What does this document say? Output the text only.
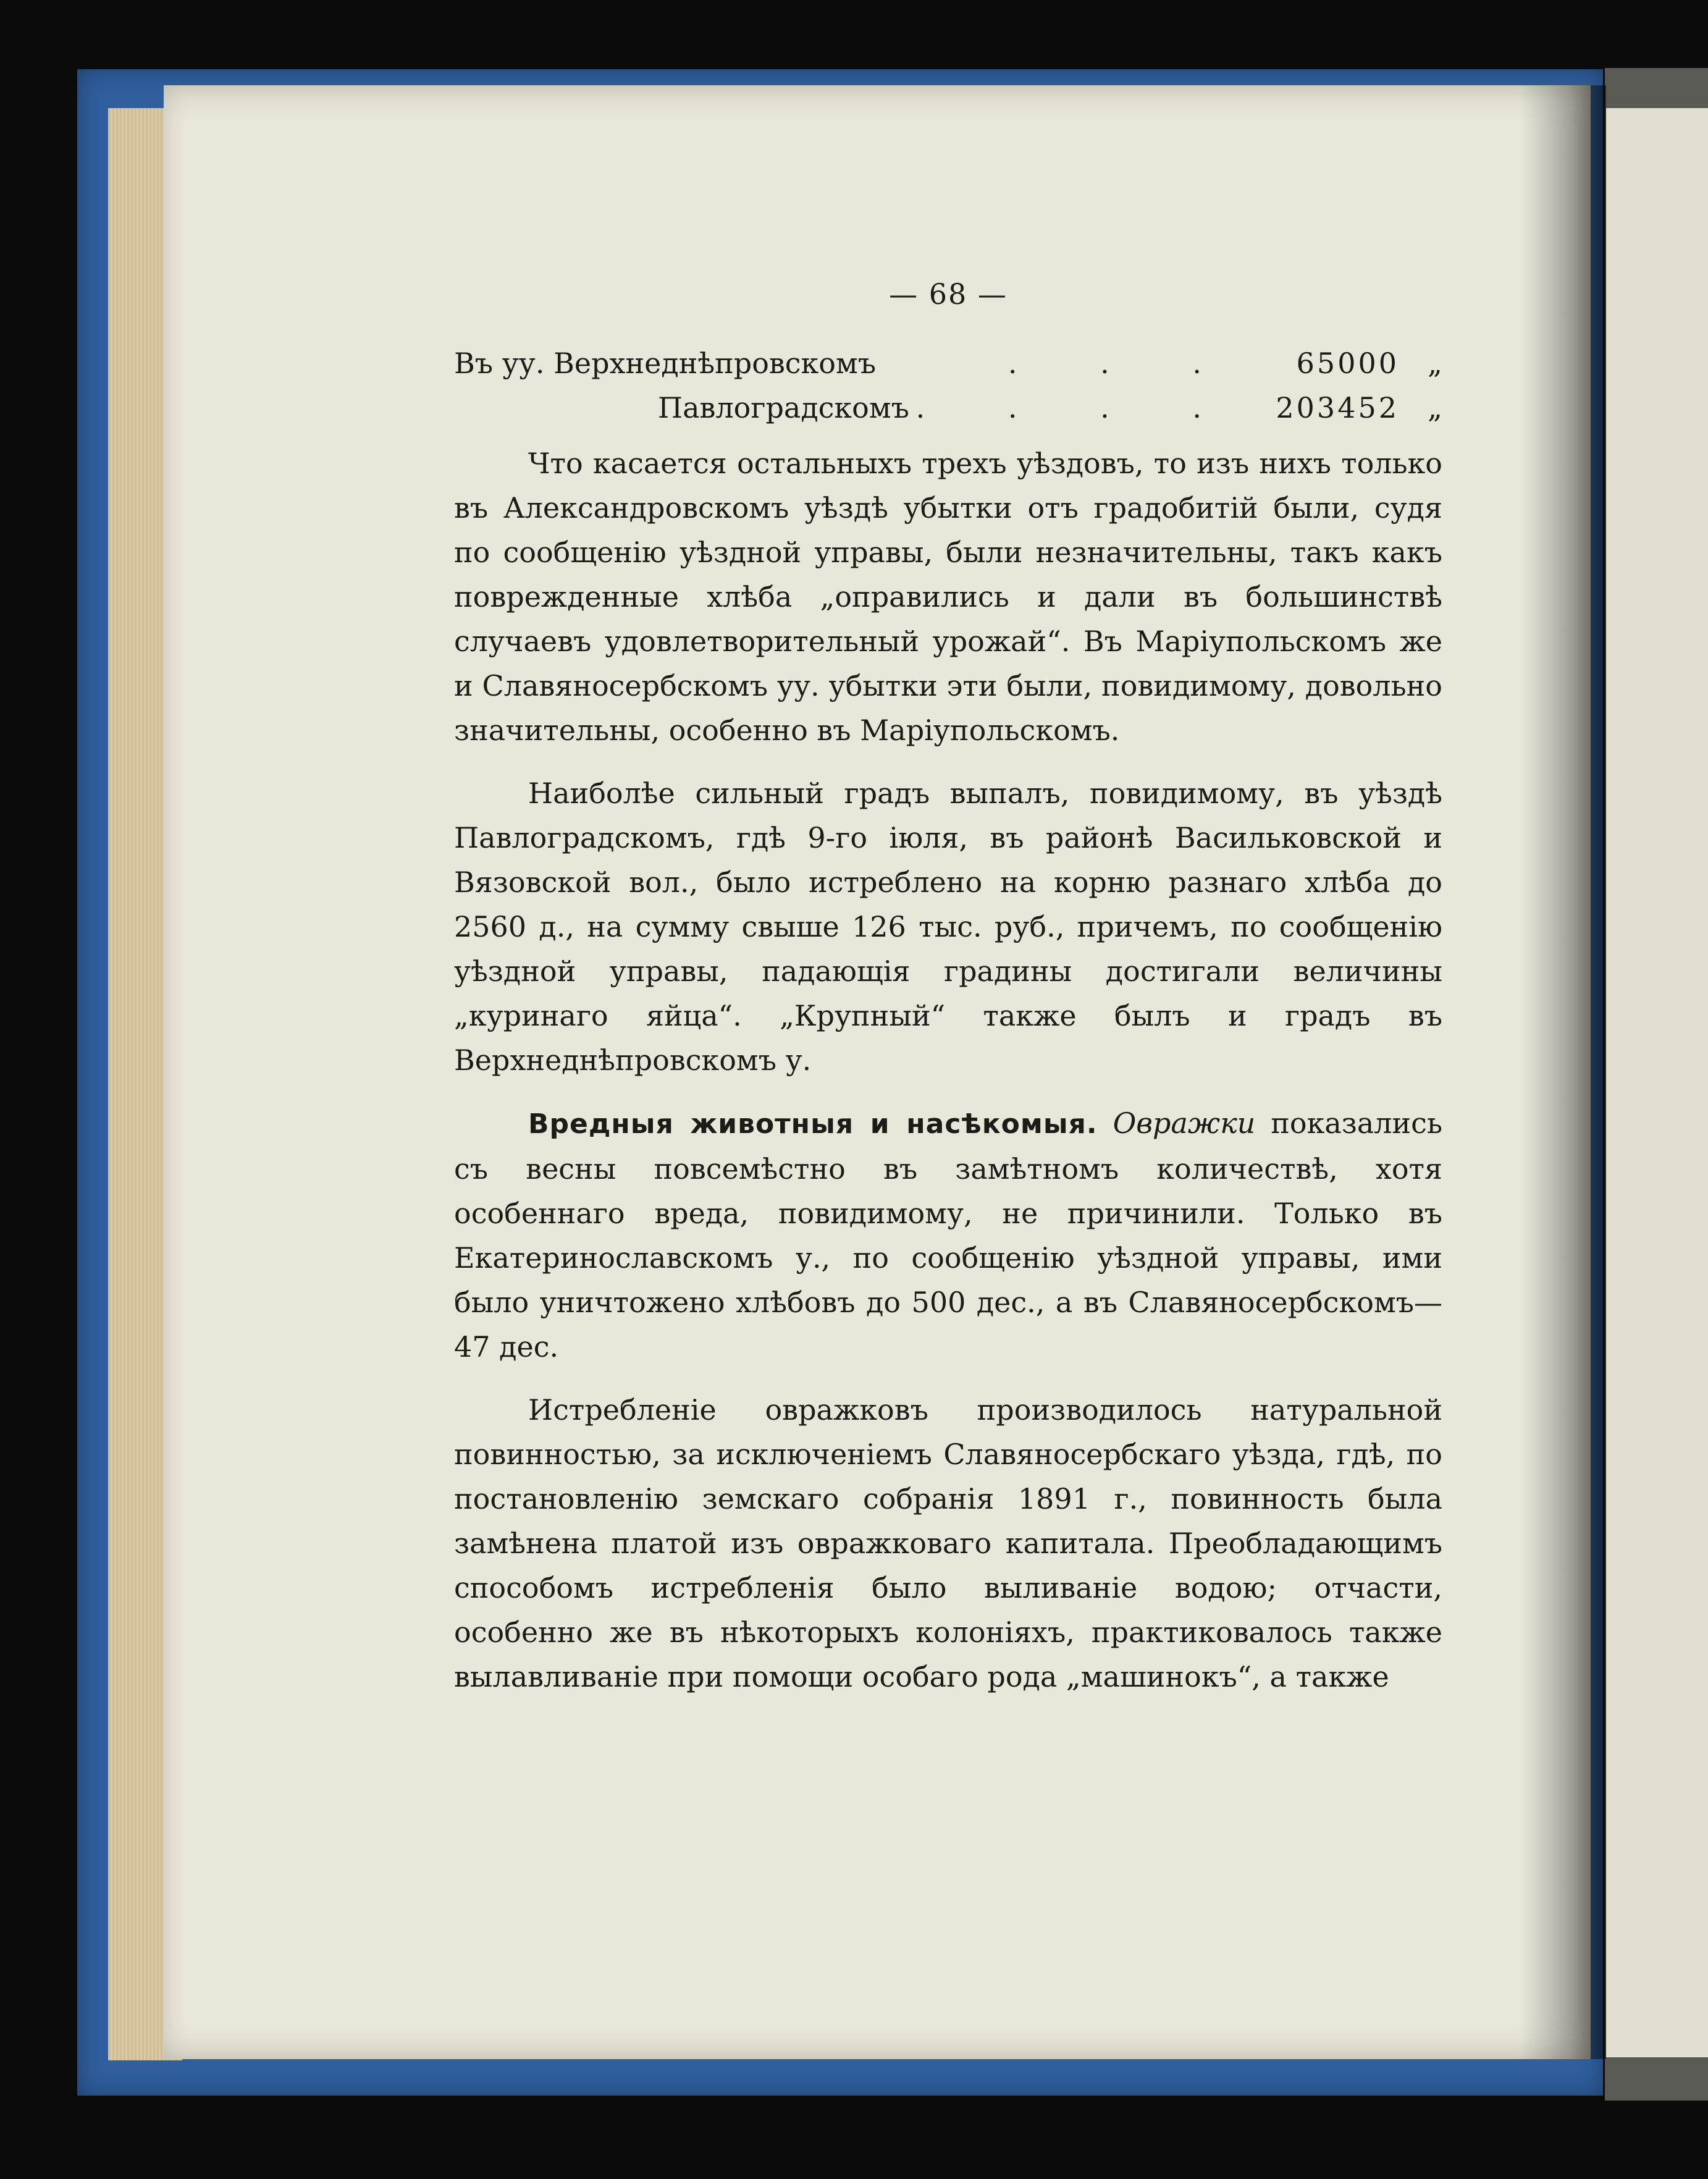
— 68 —
Въ уу. Верхнеднѣпровскомъ	. . .	65000	„
Павлоградскомъ . . . .	203452	„

Что касается остальныхъ трехъ уѣздовъ, то изъ нихъ только въ Александровскомъ уѣздѣ убытки отъ градобитій были, судя по сообщенію уѣздной управы, были незначительны, такъ какъ поврежденные хлѣба „оправились и дали въ большинствѣ случаевъ удовлетворительный урожай“. Въ Маріупольскомъ же и Славяносербскомъ уу. убытки эти были, повидимому, довольно значительны, особенно въ Маріупольскомъ.

Наиболѣе сильный градъ выпалъ, повидимому, въ уѣздѣ Павлоградскомъ, гдѣ 9-го іюля, въ районѣ Васильковской и Вязовской вол., было истреблено на корню разнаго хлѣба до 2560 д., на сумму свыше 126 тыс. руб., причемъ, по сообщенію уѣздной управы, падающія градины достигали величины „куринаго яйца“. „Крупный“ также былъ и градъ въ Верхнеднѣпровскомъ у.

Вредныя животныя и насѣкомыя. Овражки показались съ весны повсемѣстно въ замѣтномъ количествѣ, хотя особеннаго вреда, повидимому, не причинили. Только въ Екатеринославскомъ у., по сообщенію уѣздной управы, ими было уничтожено хлѣбовъ до 500 дес., а въ Славяносербскомъ— 47 дес.

Истребленіе овражковъ производилось натуральной повинностью, за исключеніемъ Славяносербскаго уѣзда, гдѣ, по постановленію земскаго собранія 1891 г., повинность была замѣнена платой изъ овражковаго капитала. Преобладающимъ способомъ истребленія было выливаніе водою; отчасти, особенно же въ нѣкоторыхъ колоніяхъ, практиковалось также вылавливаніе при помощи особаго рода „машинокъ“, а также
